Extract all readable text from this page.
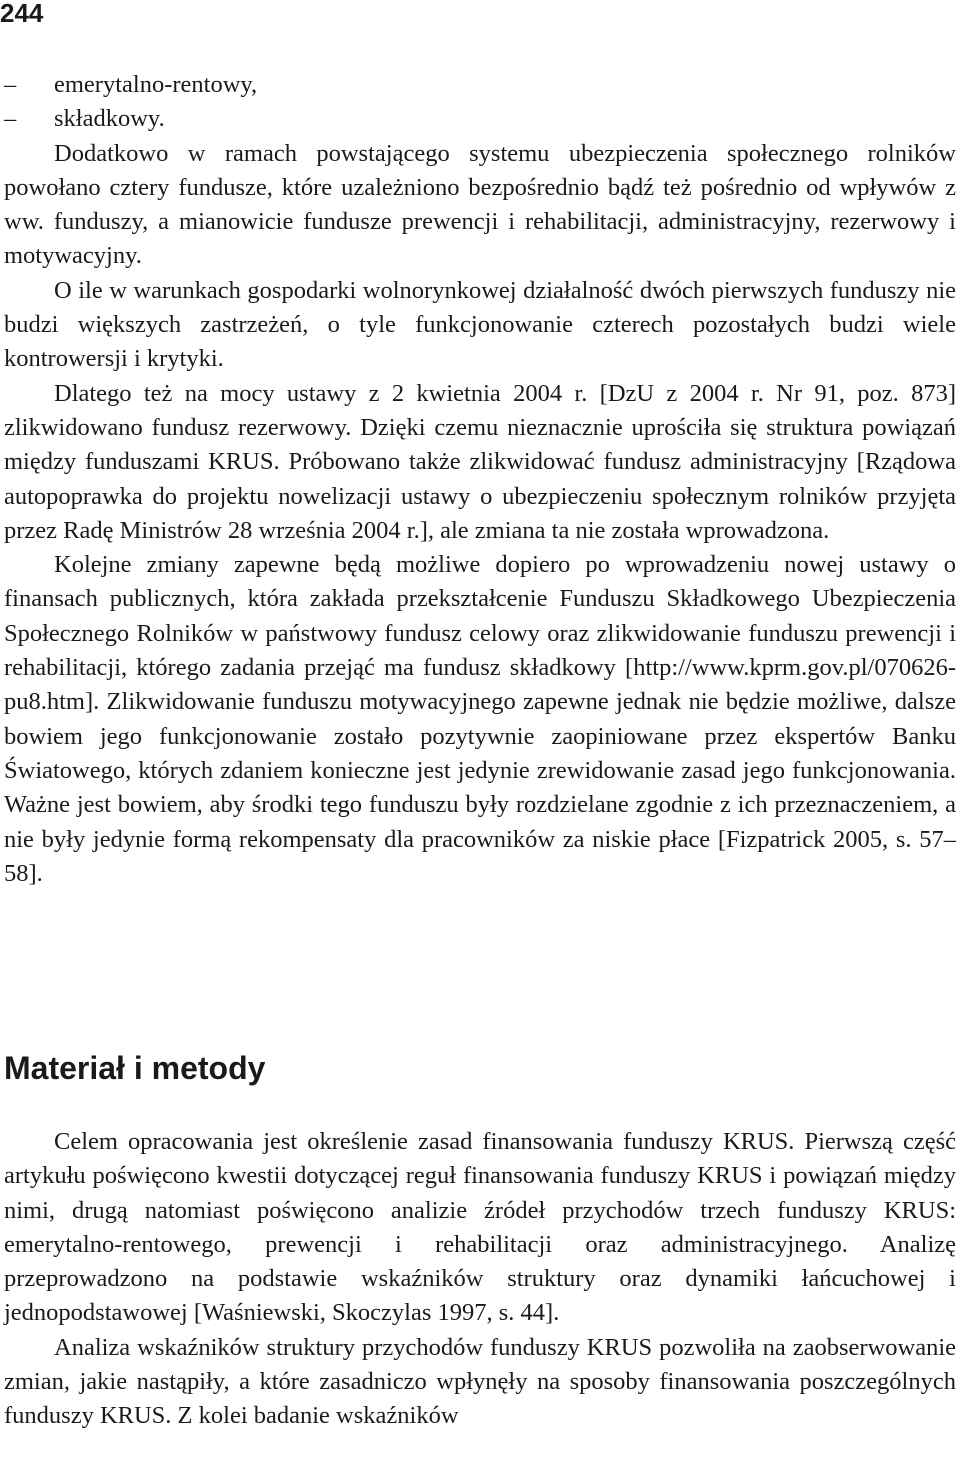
244
– emerytalno-rentowy,
– składkowy.

Dodatkowo w ramach powstającego systemu ubezpieczenia społecznego rolników powołano cztery fundusze, które uzależniono bezpośrednio bądź też pośrednio od wpływów z ww. funduszy, a mianowicie fundusze prewencji i rehabilitacji, administracyjny, rezerwowy i motywacyjny.

O ile w warunkach gospodarki wolnorynkowej działalność dwóch pierwszych funduszy nie budzi większych zastrzeżeń, o tyle funkcjonowanie czterech pozostałych budzi wiele kontrowersji i krytyki.

Dlatego też na mocy ustawy z 2 kwietnia 2004 r. [DzU z 2004 r. Nr 91, poz. 873] zlikwidowano fundusz rezerwowy. Dzięki czemu nieznacznie uprościła się struktura powiązań między funduszami KRUS. Próbowano także zlikwidować fundusz administracyjny [Rządowa autopoprawka do projektu nowelizacji ustawy o ubezpieczeniu społecznym rolników przyjęta przez Radę Ministrów 28 września 2004 r.], ale zmiana ta nie została wprowadzona.

Kolejne zmiany zapewne będą możliwe dopiero po wprowadzeniu nowej ustawy o finansach publicznych, która zakłada przekształcenie Funduszu Składkowego Ubezpieczenia Społecznego Rolników w państwowy fundusz celowy oraz zlikwidowanie funduszu prewencji i rehabilitacji, którego zadania przejąć ma fundusz składkowy [http://www.kprm.gov.pl/070626-pu8.htm]. Zlikwidowanie funduszu motywacyjnego zapewne jednak nie będzie możliwe, dalsze bowiem jego funkcjonowanie zostało pozytywnie zaopiniowane przez ekspertów Banku Światowego, których zdaniem konieczne jest jedynie zrewidowanie zasad jego funkcjonowania. Ważne jest bowiem, aby środki tego funduszu były rozdzielane zgodnie z ich przeznaczeniem, a nie były jedynie formą rekompensaty dla pracowników za niskie płace [Fizpatrick 2005, s. 57–58].

Materiał i metody

Celem opracowania jest określenie zasad finansowania funduszy KRUS. Pierwszą część artykułu poświęcono kwestii dotyczącej reguł finansowania funduszy KRUS i powiązań między nimi, drugą natomiast poświęcono analizie źródeł przychodów trzech funduszy KRUS: emerytalno-rentowego, prewencji i rehabilitacji oraz administracyjnego. Analizę przeprowadzono na podstawie wskaźników struktury oraz dynamiki łańcuchowej i jednopodstawowej [Waśniewski, Skoczylas 1997, s. 44].

Analiza wskaźników struktury przychodów funduszy KRUS pozwoliła na zaobserwowanie zmian, jakie nastąpiły, a które zasadniczo wpłynęły na sposoby finansowania poszczególnych funduszy KRUS. Z kolei badanie wskaźników
